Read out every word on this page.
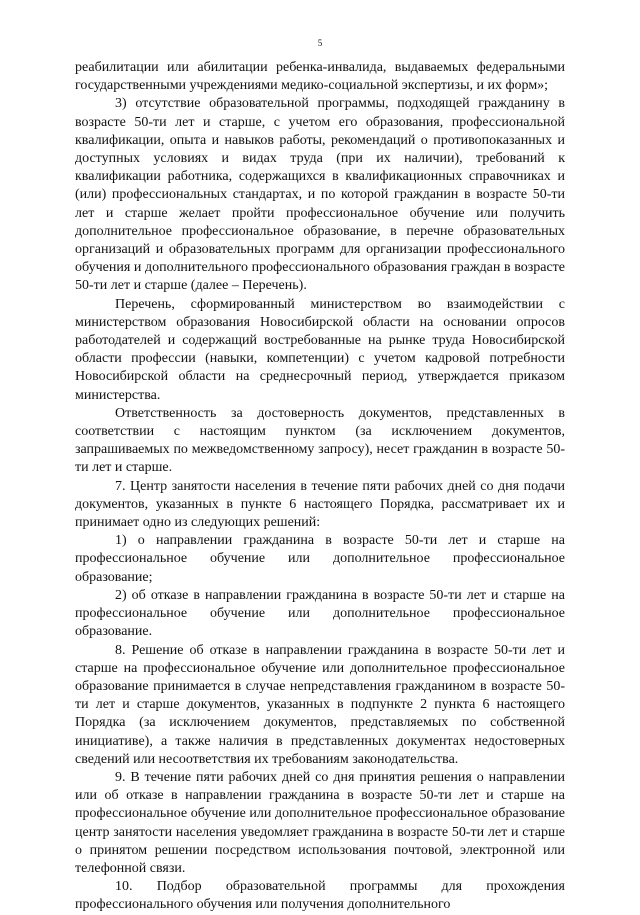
5

реабилитации или абилитации ребенка-инвалида, выдаваемых федеральными государственными учреждениями медико-социальной экспертизы, и их форм»;

3) отсутствие образовательной программы, подходящей гражданину в возрасте 50-ти лет и старше, с учетом его образования, профессиональной квалификации, опыта и навыков работы, рекомендаций о противопоказанных и доступных условиях и видах труда (при их наличии), требований к квалификации работника, содержащихся в квалификационных справочниках и (или) профессиональных стандартах, и по которой гражданин в возрасте 50-ти лет и старше желает пройти профессиональное обучение или получить дополнительное профессиональное образование, в перечне образовательных организаций и образовательных программ для организации профессионального обучения и дополнительного профессионального образования граждан в возрасте 50-ти лет и старше (далее – Перечень).

Перечень, сформированный министерством во взаимодействии с министерством образования Новосибирской области на основании опросов работодателей и содержащий востребованные на рынке труда Новосибирской области профессии (навыки, компетенции) с учетом кадровой потребности Новосибирской области на среднесрочный период, утверждается приказом министерства.

Ответственность за достоверность документов, представленных в соответствии с настоящим пунктом (за исключением документов, запрашиваемых по межведомственному запросу), несет гражданин в возрасте 50-ти лет и старше.

7. Центр занятости населения в течение пяти рабочих дней со дня подачи документов, указанных в пункте 6 настоящего Порядка, рассматривает их и принимает одно из следующих решений:

1) о направлении гражданина в возрасте 50-ти лет и старше на профессиональное обучение или дополнительное профессиональное образование;

2) об отказе в направлении гражданина в возрасте 50-ти лет и старше на профессиональное обучение или дополнительное профессиональное образование.

8. Решение об отказе в направлении гражданина в возрасте 50-ти лет и старше на профессиональное обучение или дополнительное профессиональное образование принимается в случае непредставления гражданином в возрасте 50-ти лет и старше документов, указанных в подпункте 2 пункта 6 настоящего Порядка (за исключением документов, представляемых по собственной инициативе), а также наличия в представленных документах недостоверных сведений или несоответствия их требованиям законодательства.

9. В течение пяти рабочих дней со дня принятия решения о направлении или об отказе в направлении гражданина в возрасте 50-ти лет и старше на профессиональное обучение или дополнительное профессиональное образование центр занятости населения уведомляет гражданина в возрасте 50-ти лет и старше о принятом решении посредством использования почтовой, электронной или телефонной связи.

10. Подбор образовательной программы для прохождения профессионального обучения или получения дополнительного
